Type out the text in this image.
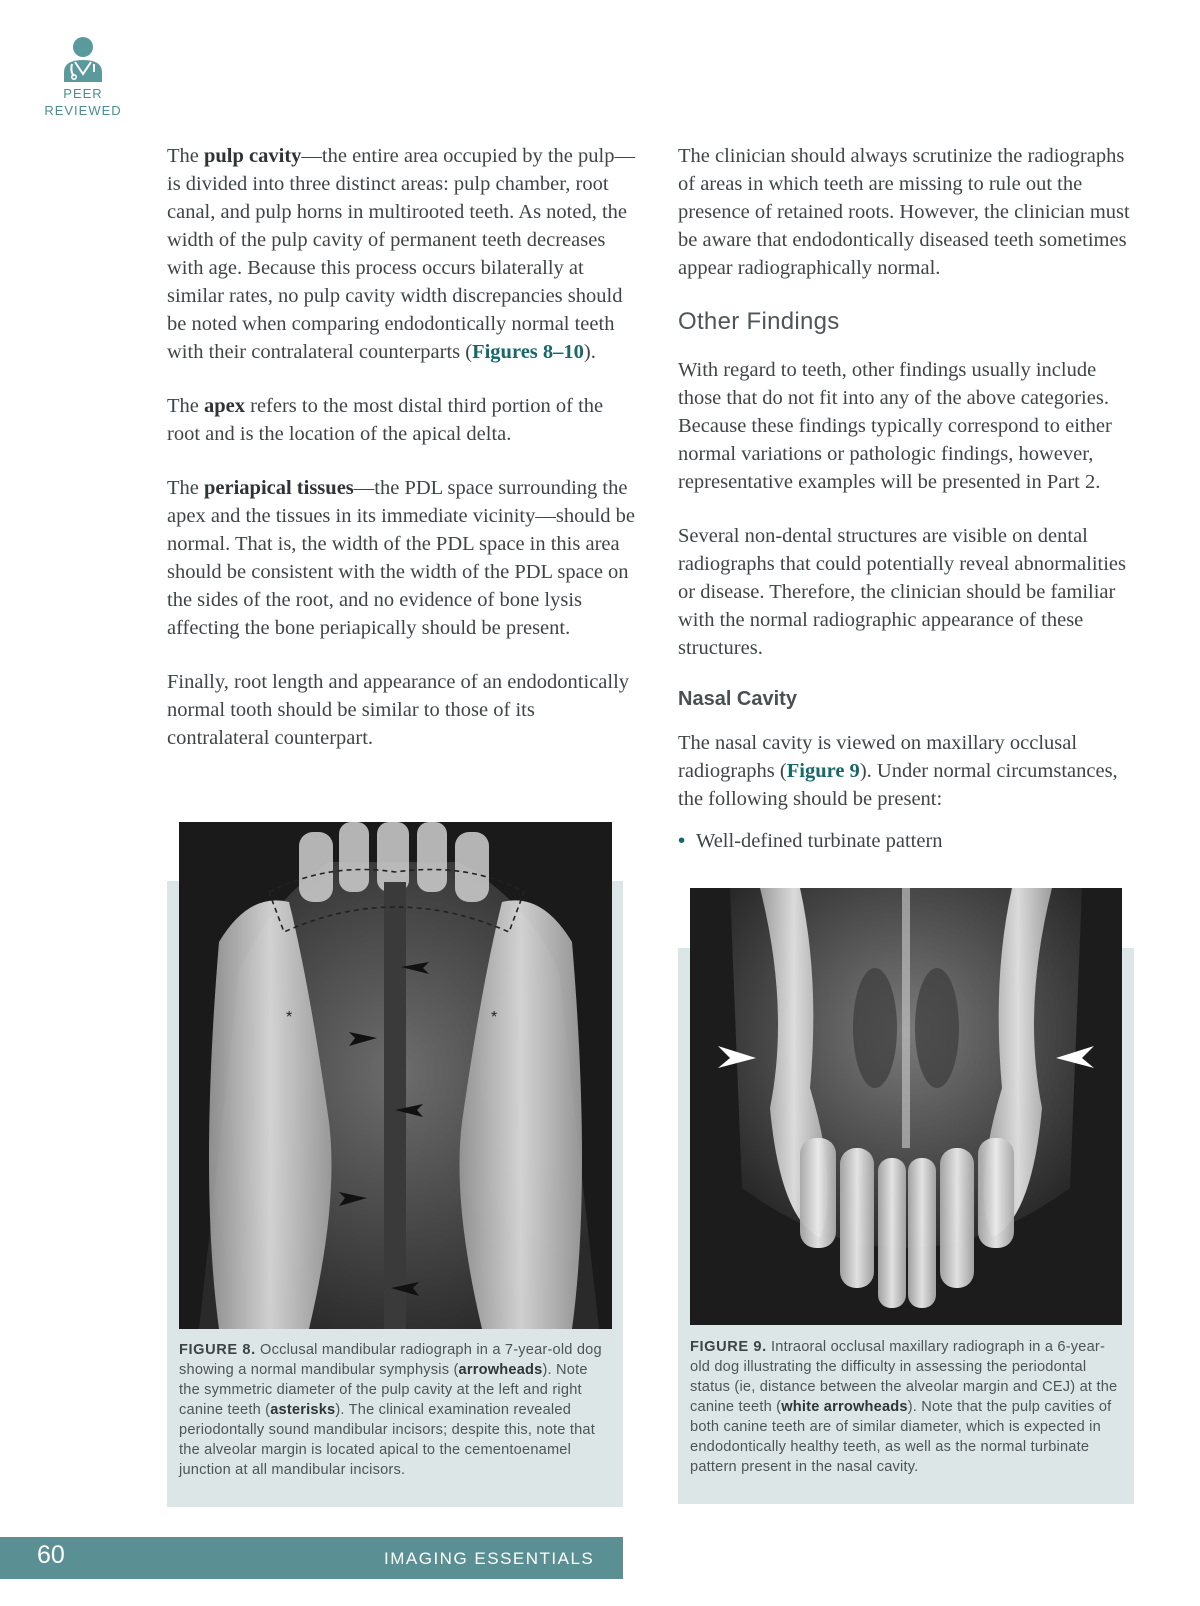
PEER
REVIEWED

The pulp cavity—the entire area occupied by the pulp—is divided into three distinct areas: pulp chamber, root canal, and pulp horns in multirooted teeth. As noted, the width of the pulp cavity of permanent teeth decreases with age. Because this process occurs bilaterally at similar rates, no pulp cavity width discrepancies should be noted when comparing endodontically normal teeth with their contralateral counterparts (Figures 8–10).

The apex refers to the most distal third portion of the root and is the location of the apical delta.

The periapical tissues—the PDL space surrounding the apex and the tissues in its immediate vicinity—should be normal. That is, the width of the PDL space in this area should be consistent with the width of the PDL space on the sides of the root, and no evidence of bone lysis affecting the bone periapically should be present.

Finally, root length and appearance of an endodontically normal tooth should be similar to those of its contralateral counterpart.

The clinician should always scrutinize the radiographs of areas in which teeth are missing to rule out the presence of retained roots. However, the clinician must be aware that endodontically diseased teeth sometimes appear radiographically normal.

Other Findings

With regard to teeth, other findings usually include those that do not fit into any of the above categories. Because these findings typically correspond to either normal variations or pathologic findings, however, representative examples will be presented in Part 2.

Several non-dental structures are visible on dental radiographs that could potentially reveal abnormalities or disease. Therefore, the clinician should be familiar with the normal radiographic appearance of these structures.

Nasal Cavity

The nasal cavity is viewed on maxillary occlusal radiographs (Figure 9). Under normal circumstances, the following should be present:

• Well-defined turbinate pattern
*	*
FIGURE 8. Occlusal mandibular radiograph in a 7-year-old dog showing a normal mandibular symphysis (arrowheads). Note the symmetric diameter of the pulp cavity at the left and right canine teeth (asterisks). The clinical examination revealed periodontally sound mandibular incisors; despite this, note that the alveolar margin is located apical to the cementoenamel junction at all mandibular incisors.
FIGURE 9. Intraoral occlusal maxillary radiograph in a 6-year-old dog illustrating the difficulty in assessing the periodontal status (ie, distance between the alveolar margin and CEJ) at the canine teeth (white arrowheads). Note that the pulp cavities of both canine teeth are of similar diameter, which is expected in endodontically healthy teeth, as well as the normal turbinate pattern present in the nasal cavity.
60	IMAGING ESSENTIALS
